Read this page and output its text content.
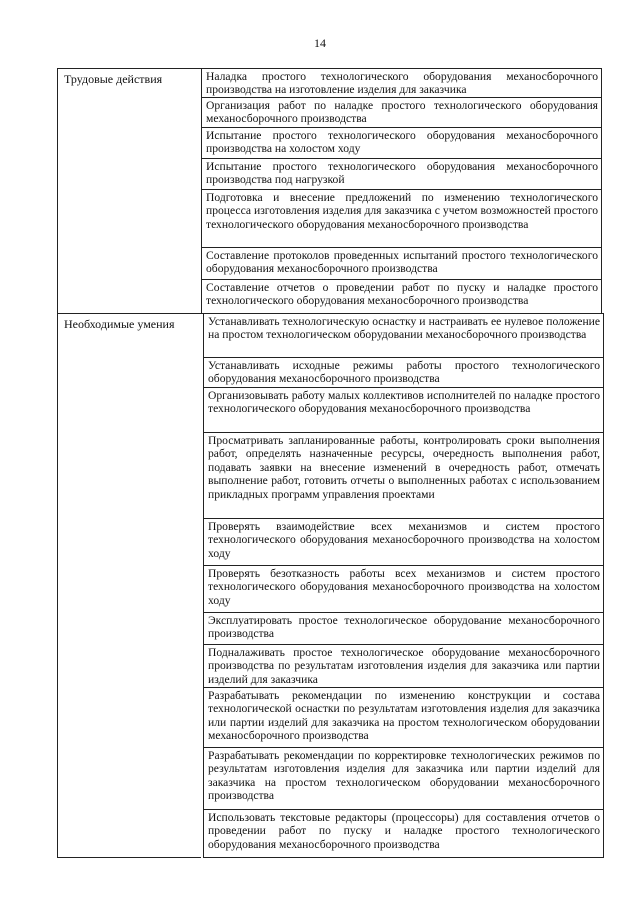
14
Трудовые действия
Необходимые умения
Наладка простого технологического оборудования механосборочного производства на изготовление изделия для заказчика
Организация работ по наладке простого технологического оборудования механосборочного производства
Испытание простого технологического оборудования механосборочного производства на холостом ходу
Испытание простого технологического оборудования механосборочного производства под нагрузкой
Подготовка и внесение предложений по изменению технологического процесса изготовления изделия для заказчика с учетом возможностей простого технологического оборудования механосборочного производства
Составление протоколов проведенных испытаний простого технологического оборудования механосборочного производства
Составление отчетов о проведении работ по пуску и наладке простого технологического оборудования механосборочного производства
Устанавливать технологическую оснастку и настраивать ее нулевое положение на простом технологическом оборудовании механосборочного производства
Устанавливать исходные режимы работы простого технологического оборудования механосборочного производства
Организовывать работу малых коллективов исполнителей по наладке простого технологического оборудования механосборочного производства
Просматривать запланированные работы, контролировать сроки выполнения работ, определять назначенные ресурсы, очередность выполнения работ, подавать заявки на внесение изменений в очередность работ, отмечать выполнение работ, готовить отчеты о выполненных работах с использованием прикладных программ управления проектами
Проверять взаимодействие всех механизмов и систем простого технологического оборудования механосборочного производства на холостом ходу
Проверять безотказность работы всех механизмов и систем простого технологического оборудования механосборочного производства на холостом ходу
Эксплуатировать простое технологическое оборудование механосборочного производства
Подналаживать простое технологическое оборудование механосборочного производства по результатам изготовления изделия для заказчика или партии изделий для заказчика
Разрабатывать рекомендации по изменению конструкции и состава технологической оснастки по результатам изготовления изделия для заказчика или партии изделий для заказчика на простом технологическом оборудовании механосборочного производства
Разрабатывать рекомендации по корректировке технологических режимов по результатам изготовления изделия для заказчика или партии изделий для заказчика на простом технологическом оборудовании механосборочного производства
Использовать текстовые редакторы (процессоры) для составления отчетов о проведении работ по пуску и наладке простого технологического оборудования механосборочного производства
